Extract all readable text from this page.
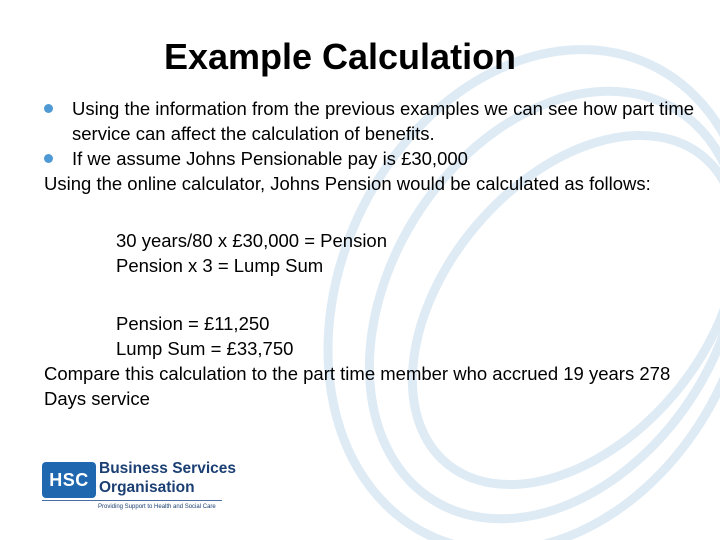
Example Calculation
Using the information from the previous examples we can see how part time service can affect the calculation of benefits.
If we assume Johns Pensionable pay is £30,000
Using the online calculator, Johns Pension would be calculated as follows:
30 years/80 x £30,000 = Pension
Pension x 3 = Lump Sum
Pension = £11,250
Lump Sum = £33,750
Compare this calculation to the part time member who accrued 19 years 278 Days service
HSC
Business Services
Organisation
Providing Support to Health and Social Care
